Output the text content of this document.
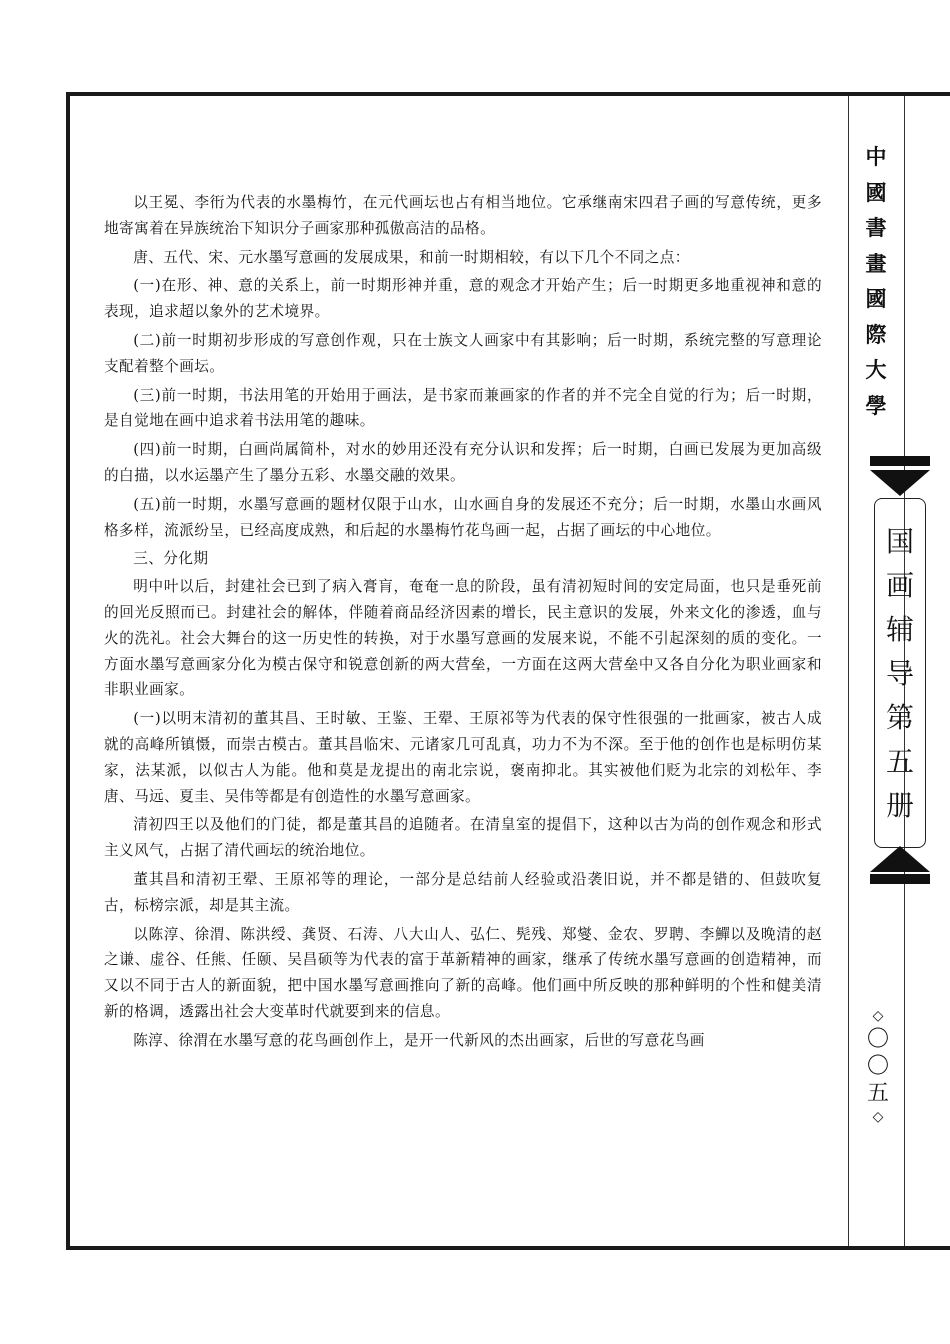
以王冕、李衎为代表的水墨梅竹，在元代画坛也占有相当地位。它承继南宋四君子画的写意传统，更多地寄寓着在异族统治下知识分子画家那种孤傲高洁的品格。

唐、五代、宋、元水墨写意画的发展成果，和前一时期相较，有以下几个不同之点：

(一)在形、神、意的关系上，前一时期形神并重，意的观念才开始产生；后一时期更多地重视神和意的表现，追求超以象外的艺术境界。

(二)前一时期初步形成的写意创作观，只在士族文人画家中有其影响；后一时期，系统完整的写意理论支配着整个画坛。

(三)前一时期，书法用笔的开始用于画法，是书家而兼画家的作者的并不完全自觉的行为；后一时期，是自觉地在画中追求着书法用笔的趣味。

(四)前一时期，白画尚属简朴，对水的妙用还没有充分认识和发挥；后一时期，白画已发展为更加高级的白描，以水运墨产生了墨分五彩、水墨交融的效果。

(五)前一时期，水墨写意画的题材仅限于山水，山水画自身的发展还不充分；后一时期，水墨山水画风格多样，流派纷呈，已经高度成熟，和后起的水墨梅竹花鸟画一起，占据了画坛的中心地位。

三、分化期

明中叶以后，封建社会已到了病入膏肓，奄奄一息的阶段，虽有清初短时间的安定局面，也只是垂死前的回光反照而已。封建社会的解体，伴随着商品经济因素的增长，民主意识的发展，外来文化的渗透，血与火的洗礼。社会大舞台的这一历史性的转换，对于水墨写意画的发展来说，不能不引起深刻的质的变化。一方面水墨写意画家分化为模古保守和锐意创新的两大营垒，一方面在这两大营垒中又各自分化为职业画家和非职业画家。

(一)以明末清初的董其昌、王时敏、王鉴、王翚、王原祁等为代表的保守性很强的一批画家，被古人成就的高峰所镇慑，而崇古模古。董其昌临宋、元诸家几可乱真，功力不为不深。至于他的创作也是标明仿某家，法某派，以似古人为能。他和莫是龙提出的南北宗说，褒南抑北。其实被他们贬为北宗的刘松年、李唐、马远、夏圭、吴伟等都是有创造性的水墨写意画家。

清初四王以及他们的门徒，都是董其昌的追随者。在清皇室的提倡下，这种以古为尚的创作观念和形式主义风气，占据了清代画坛的统治地位。

董其昌和清初王翚、王原祁等的理论，一部分是总结前人经验或沿袭旧说，并不都是错的、但鼓吹复古，标榜宗派，却是其主流。

以陈淳、徐渭、陈洪绶、龚贤、石涛、八大山人、弘仁、髡残、郑燮、金农、罗聘、李鱓以及晚清的赵之谦、虚谷、任熊、任颐、吴昌硕等为代表的富于革新精神的画家，继承了传统水墨写意画的创造精神，而又以不同于古人的新面貌，把中国水墨写意画推向了新的高峰。他们画中所反映的那种鲜明的个性和健美清新的格调，透露出社会大变革时代就要到来的信息。

陈淳、徐渭在水墨写意的花鸟画创作上，是开一代新风的杰出画家，后世的写意花鸟画

中
國
書
畫
國
際
大
學
国
画
辅
导
第
五
册
◇
〇
〇
五
◇
